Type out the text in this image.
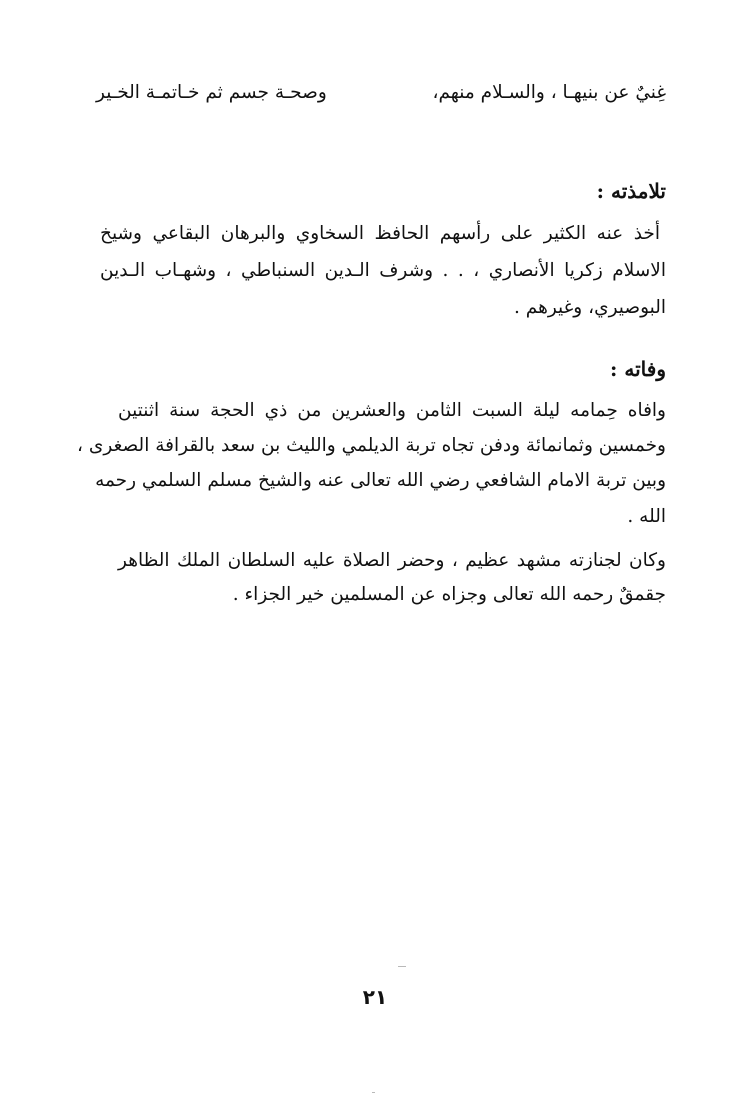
غِنيٌ عن بنيهـا ، والسـلام منهم،
وصحـة جسم ثم خـاتمـة الخـير
تلامذته :
أخذ عنه الكثير على رأسهم الحافظ السخاوي والبرهان البقاعي وشيخ
الاسلام زكريا الأنصاري ، . . وشرف الـدين السنباطي ، وشهـاب الـدين
البوصيري، وغيرهم .
وفاته :
وافاه حِمامه ليلة السبت الثامن والعشرين من ذي الحجة سنة اثنتين
وخمسين وثمانمائة ودفن تجاه تربة الديلمي والليث بن سعد بالقرافة الصغرى ،
وبين تربة الامام الشافعي رضي الله تعالى عنه والشيخ مسلم السلمي رحمه
الله .
وكان لجنازته مشهد عظيم ، وحضر الصلاة عليه السلطان الملك الظاهر
جقمقٌ رحمه الله تعالى وجزاه عن المسلمين خير الجزاء .
٢١
